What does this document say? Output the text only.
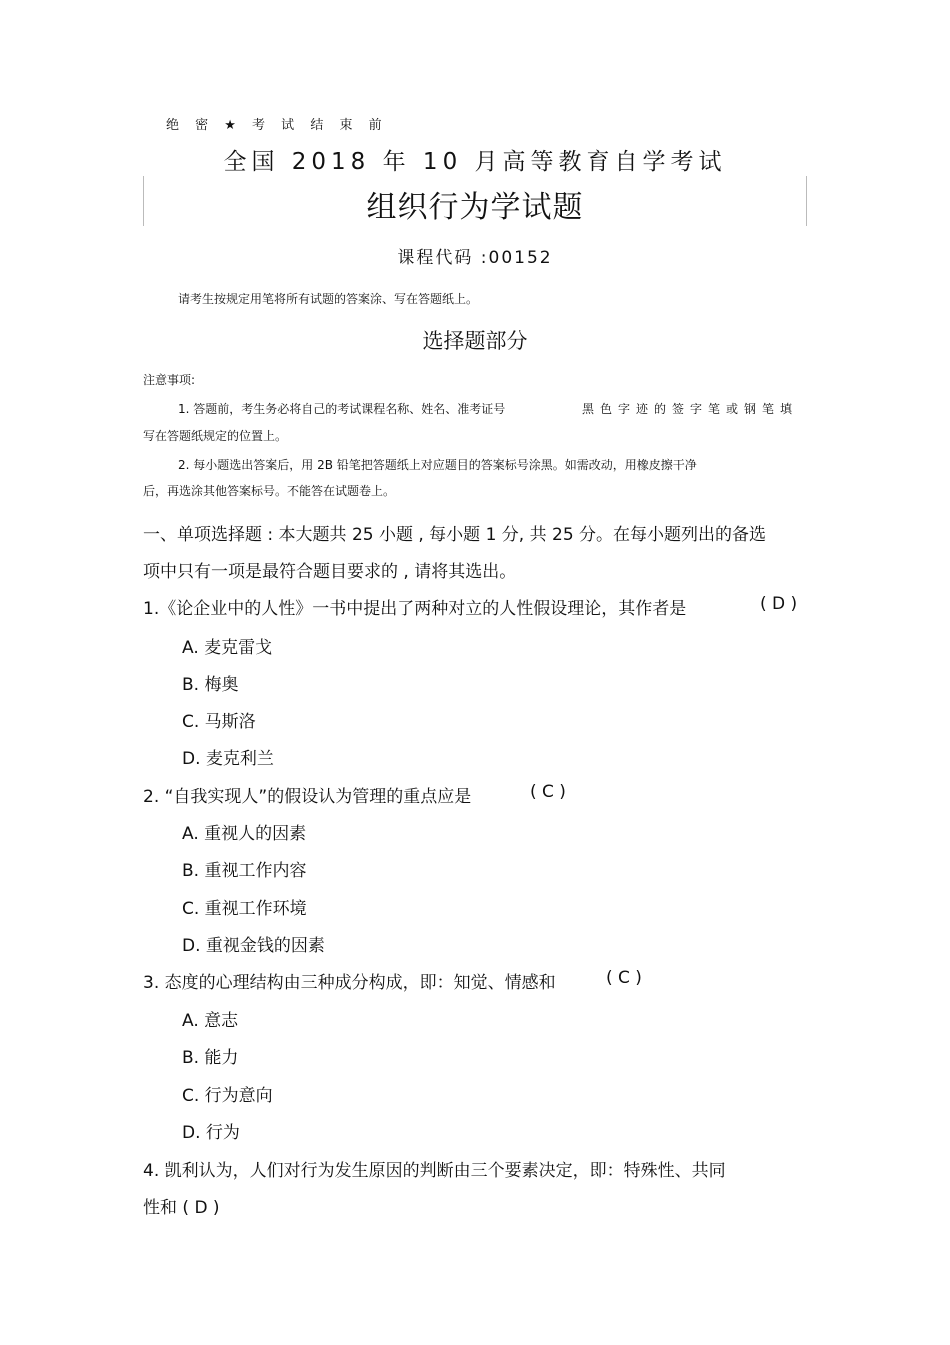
绝 密 ★ 考 试 结 束 前
全国 2018 年 10 月高等教育自学考试
组织行为学试题
课程代码 :00152
请考生按规定用笔将所有试题的答案涂、写在答题纸上。
选择题部分
注意事项:
1. 答题前，考生务必将自己的考试课程名称、姓名、准考证号	黑色字迹的签字笔或钢笔填
写在答题纸规定的位置上。
2. 每小题选出答案后，用 2B 铅笔把答题纸上对应题目的答案标号涂黑。如需改动，用橡皮擦干净
后，再选涂其他答案标号。不能答在试题卷上。
一、单项选择题 : 本大题共 25 小题 , 每小题 1 分, 共 25 分。在每小题列出的备选
项中只有一项是最符合题目要求的 , 请将其选出。
1.《论企业中的人性》一书中提出了两种对立的人性假设理论，其作者是	( D )
A. 麦克雷戈
B. 梅奥
C. 马斯洛
D. 麦克利兰
2. “自我实现人”的假设认为管理的重点应是	( C )
A. 重视人的因素
B. 重视工作内容
C. 重视工作环境
D. 重视金钱的因素
3. 态度的心理结构由三种成分构成，即：知觉、情感和	( C )
A. 意志
B. 能力
C. 行为意向
D. 行为
4. 凯利认为，人们对行为发生原因的判断由三个要素决定，即：特殊性、共同
性和 ( D )
